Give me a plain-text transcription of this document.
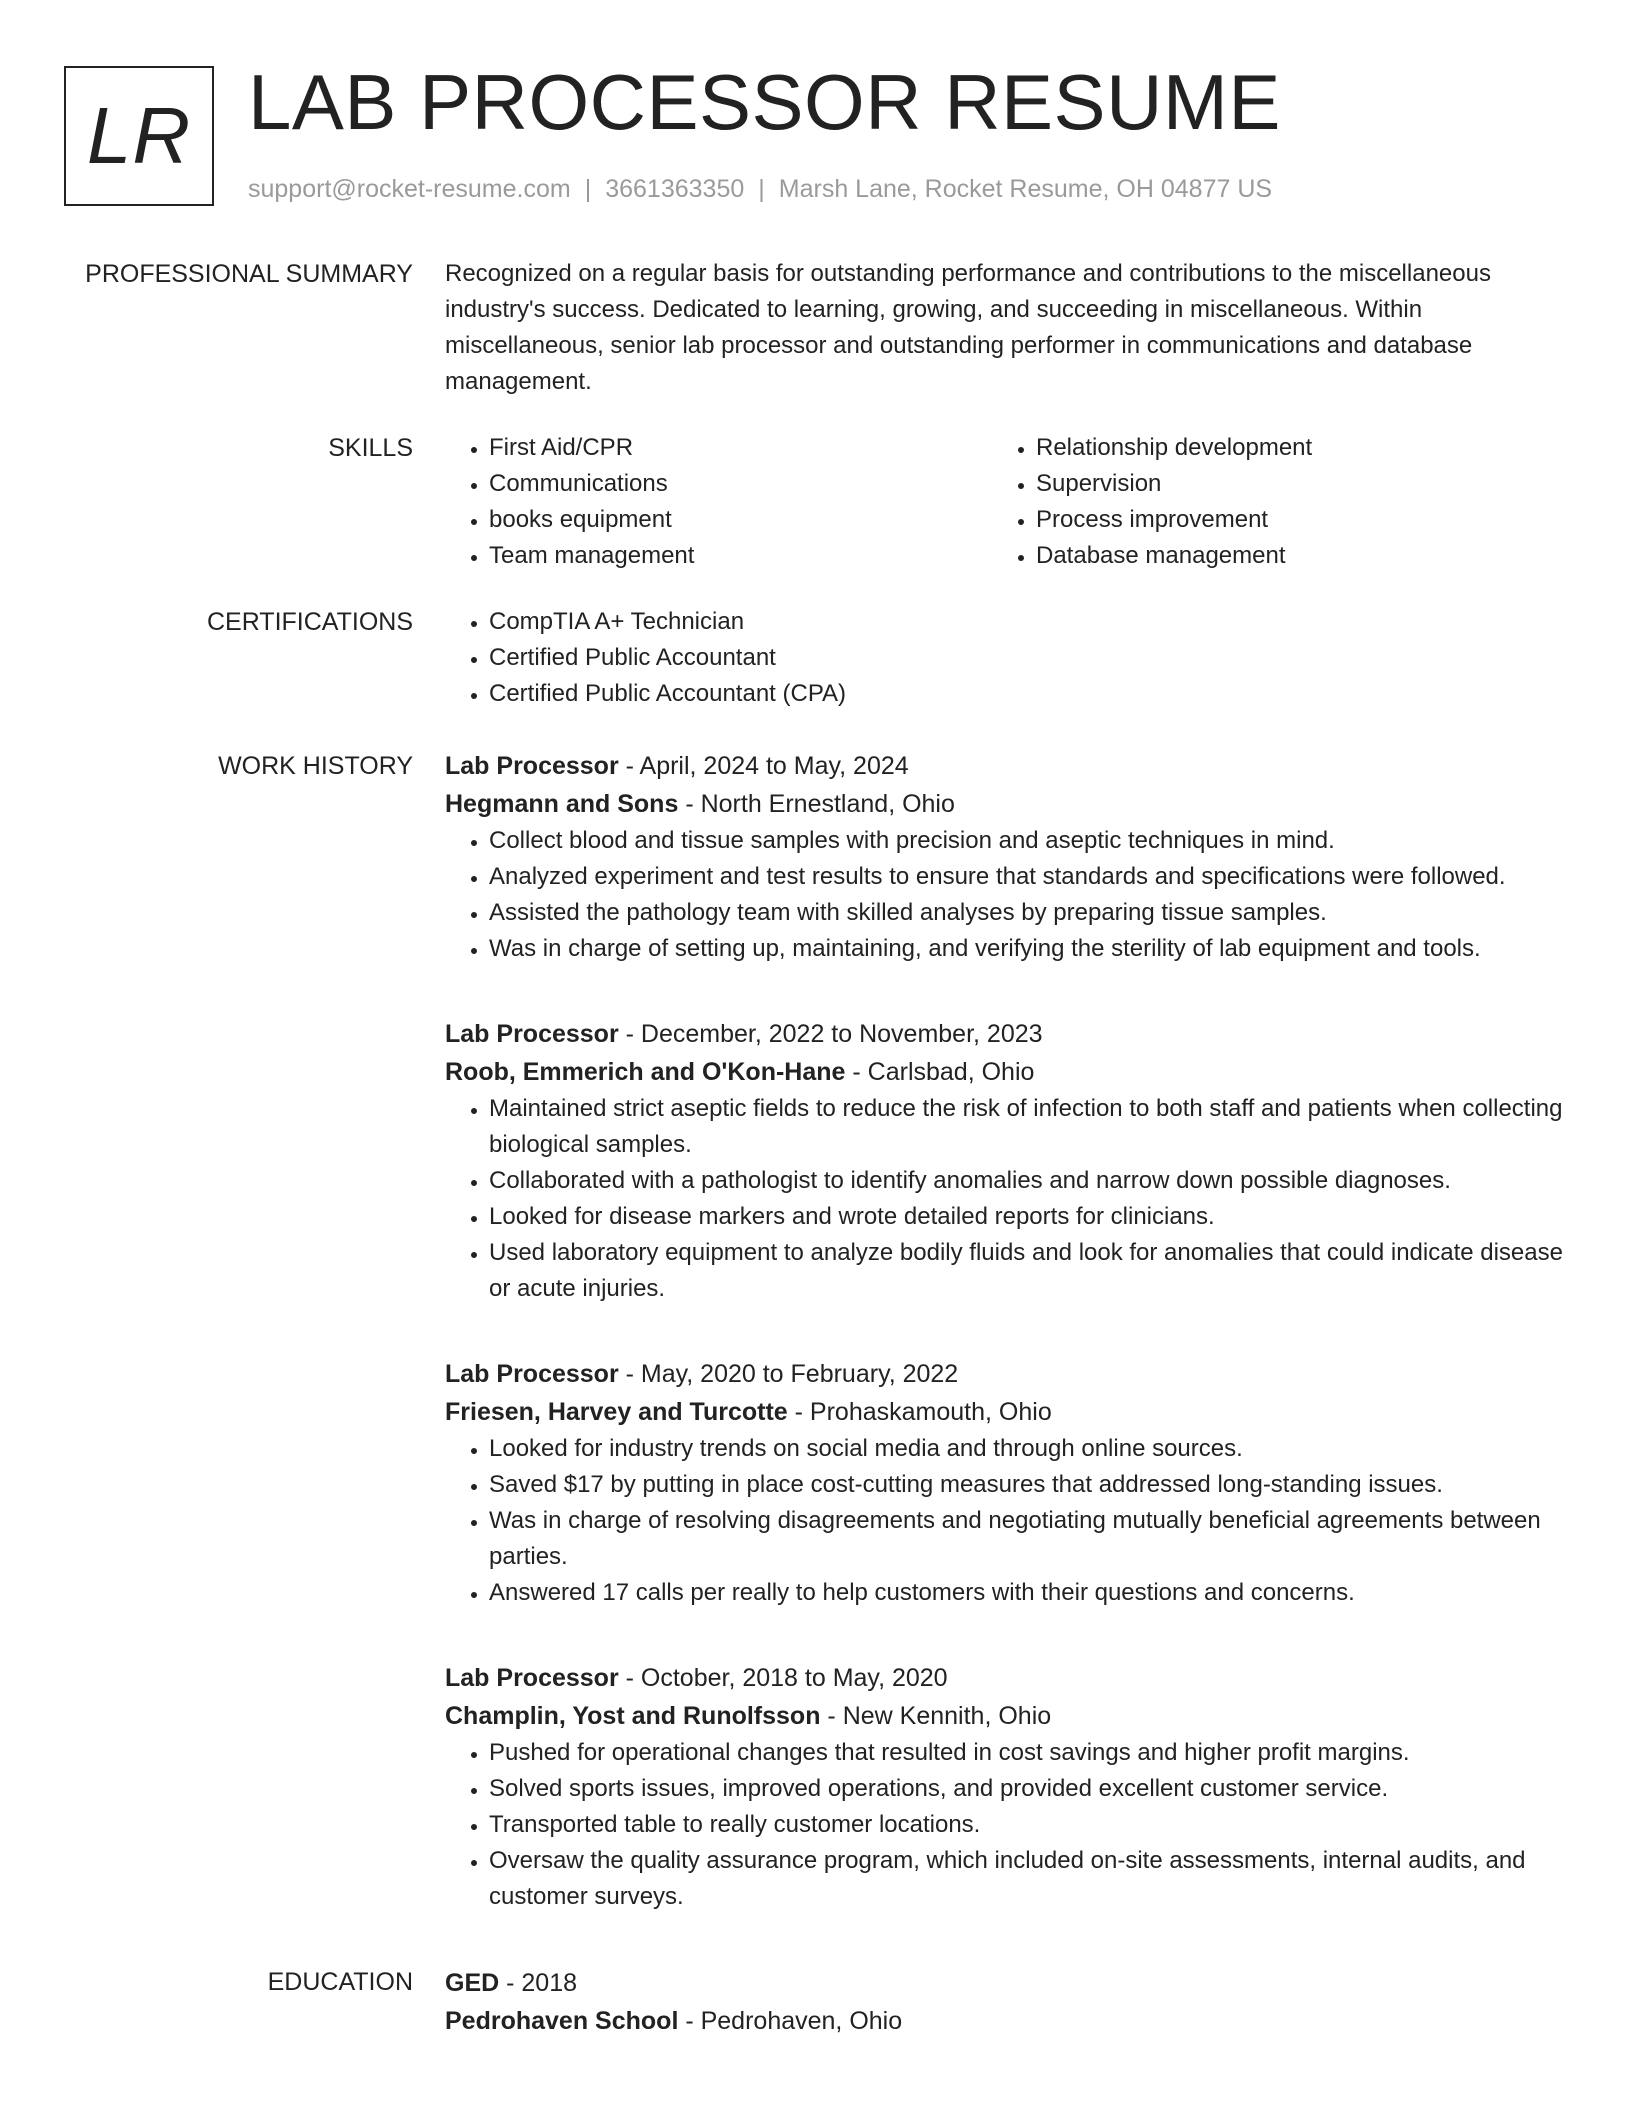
LR LAB PROCESSOR RESUME
support@rocket-resume.com | 3661363350 | Marsh Lane, Rocket Resume, OH 04877 US
PROFESSIONAL SUMMARY Recognized on a regular basis for outstanding performance and contributions to the miscellaneous industry's success. Dedicated to learning, growing, and succeeding in miscellaneous. Within miscellaneous, senior lab processor and outstanding performer in communications and database management.
SKILLS	• First Aid/CPR
• Communications
• books equipment
• Team management
• Relationship development
• Supervision
• Process improvement
• Database management
CERTIFICATIONS	• CompTIA A+ Technician
• Certified Public Accountant
• Certified Public Accountant (CPA)
WORK HISTORY Lab Processor - April, 2024 to May, 2024
Hegmann and Sons - North Ernestland, Ohio
• Collect blood and tissue samples with precision and aseptic techniques in mind.
• Analyzed experiment and test results to ensure that standards and specifications were followed.
• Assisted the pathology team with skilled analyses by preparing tissue samples.
• Was in charge of setting up, maintaining, and verifying the sterility of lab equipment and tools.
Lab Processor - December, 2022 to November, 2023
Roob, Emmerich and O'Kon-Hane - Carlsbad, Ohio
• Maintained strict aseptic fields to reduce the risk of infection to both staff and patients when collecting biological samples.
• Collaborated with a pathologist to identify anomalies and narrow down possible diagnoses.
• Looked for disease markers and wrote detailed reports for clinicians.
• Used laboratory equipment to analyze bodily fluids and look for anomalies that could indicate disease or acute injuries.
Lab Processor - May, 2020 to February, 2022
Friesen, Harvey and Turcotte - Prohaskamouth, Ohio
• Looked for industry trends on social media and through online sources.
• Saved $17 by putting in place cost-cutting measures that addressed long-standing issues.
• Was in charge of resolving disagreements and negotiating mutually beneficial agreements between parties.
• Answered 17 calls per really to help customers with their questions and concerns.
Lab Processor - October, 2018 to May, 2020
Champlin, Yost and Runolfsson - New Kennith, Ohio
• Pushed for operational changes that resulted in cost savings and higher profit margins.
• Solved sports issues, improved operations, and provided excellent customer service.
• Transported table to really customer locations.
• Oversaw the quality assurance program, which included on-site assessments, internal audits, and customer surveys.
EDUCATION GED - 2018
Pedrohaven School - Pedrohaven, Ohio
